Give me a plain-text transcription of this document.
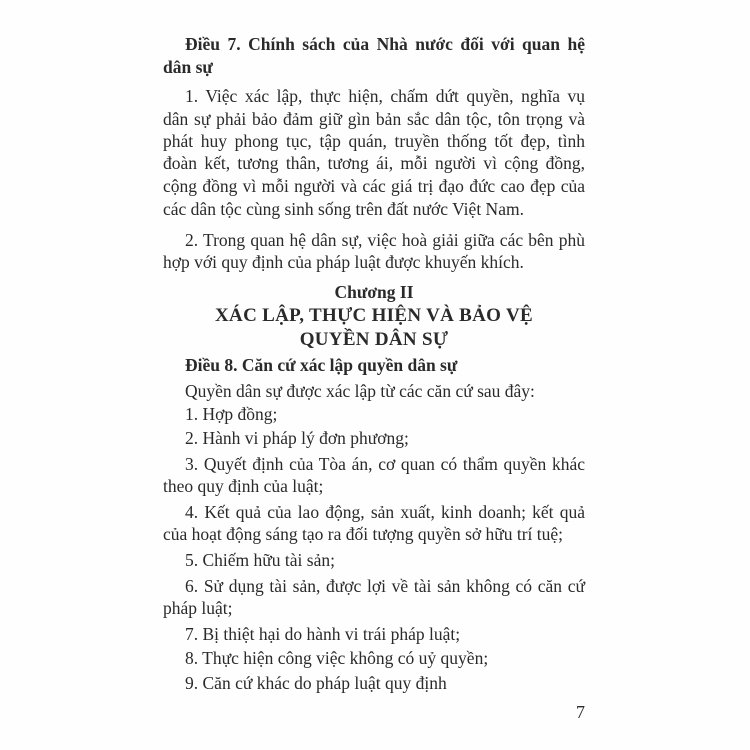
Điều 7. Chính sách của Nhà nước đối với quan hệ
dân sự
1. Việc xác lập, thực hiện, chấm dứt quyền, nghĩa vụ
dân sự phải bảo đảm giữ gìn bản sắc dân tộc, tôn trọng và
phát huy phong tục, tập quán, truyền thống tốt đẹp, tình
đoàn kết, tương thân, tương ái, mỗi người vì cộng đồng,
cộng đồng vì mỗi người và các giá trị đạo đức cao đẹp của
các dân tộc cùng sinh sống trên đất nước Việt Nam.
2. Trong quan hệ dân sự, việc hoà giải giữa các bên phù
hợp với quy định của pháp luật được khuyến khích.
Chương II
XÁC LẬP, THỰC HIỆN VÀ BẢO VỆ
QUYỀN DÂN SỰ
Điều 8. Căn cứ xác lập quyền dân sự
Quyền dân sự được xác lập từ các căn cứ sau đây:
1. Hợp đồng;
2. Hành vi pháp lý đơn phương;
3. Quyết định của Tòa án, cơ quan có thẩm quyền khác
theo quy định của luật;
4. Kết quả của lao động, sản xuất, kinh doanh; kết quả
của hoạt động sáng tạo ra đối tượng quyền sở hữu trí tuệ;
5. Chiếm hữu tài sản;
6. Sử dụng tài sản, được lợi về tài sản không có căn cứ
pháp luật;
7. Bị thiệt hại do hành vi trái pháp luật;
8. Thực hiện công việc không có uỷ quyền;
9. Căn cứ khác do pháp luật quy định
7
